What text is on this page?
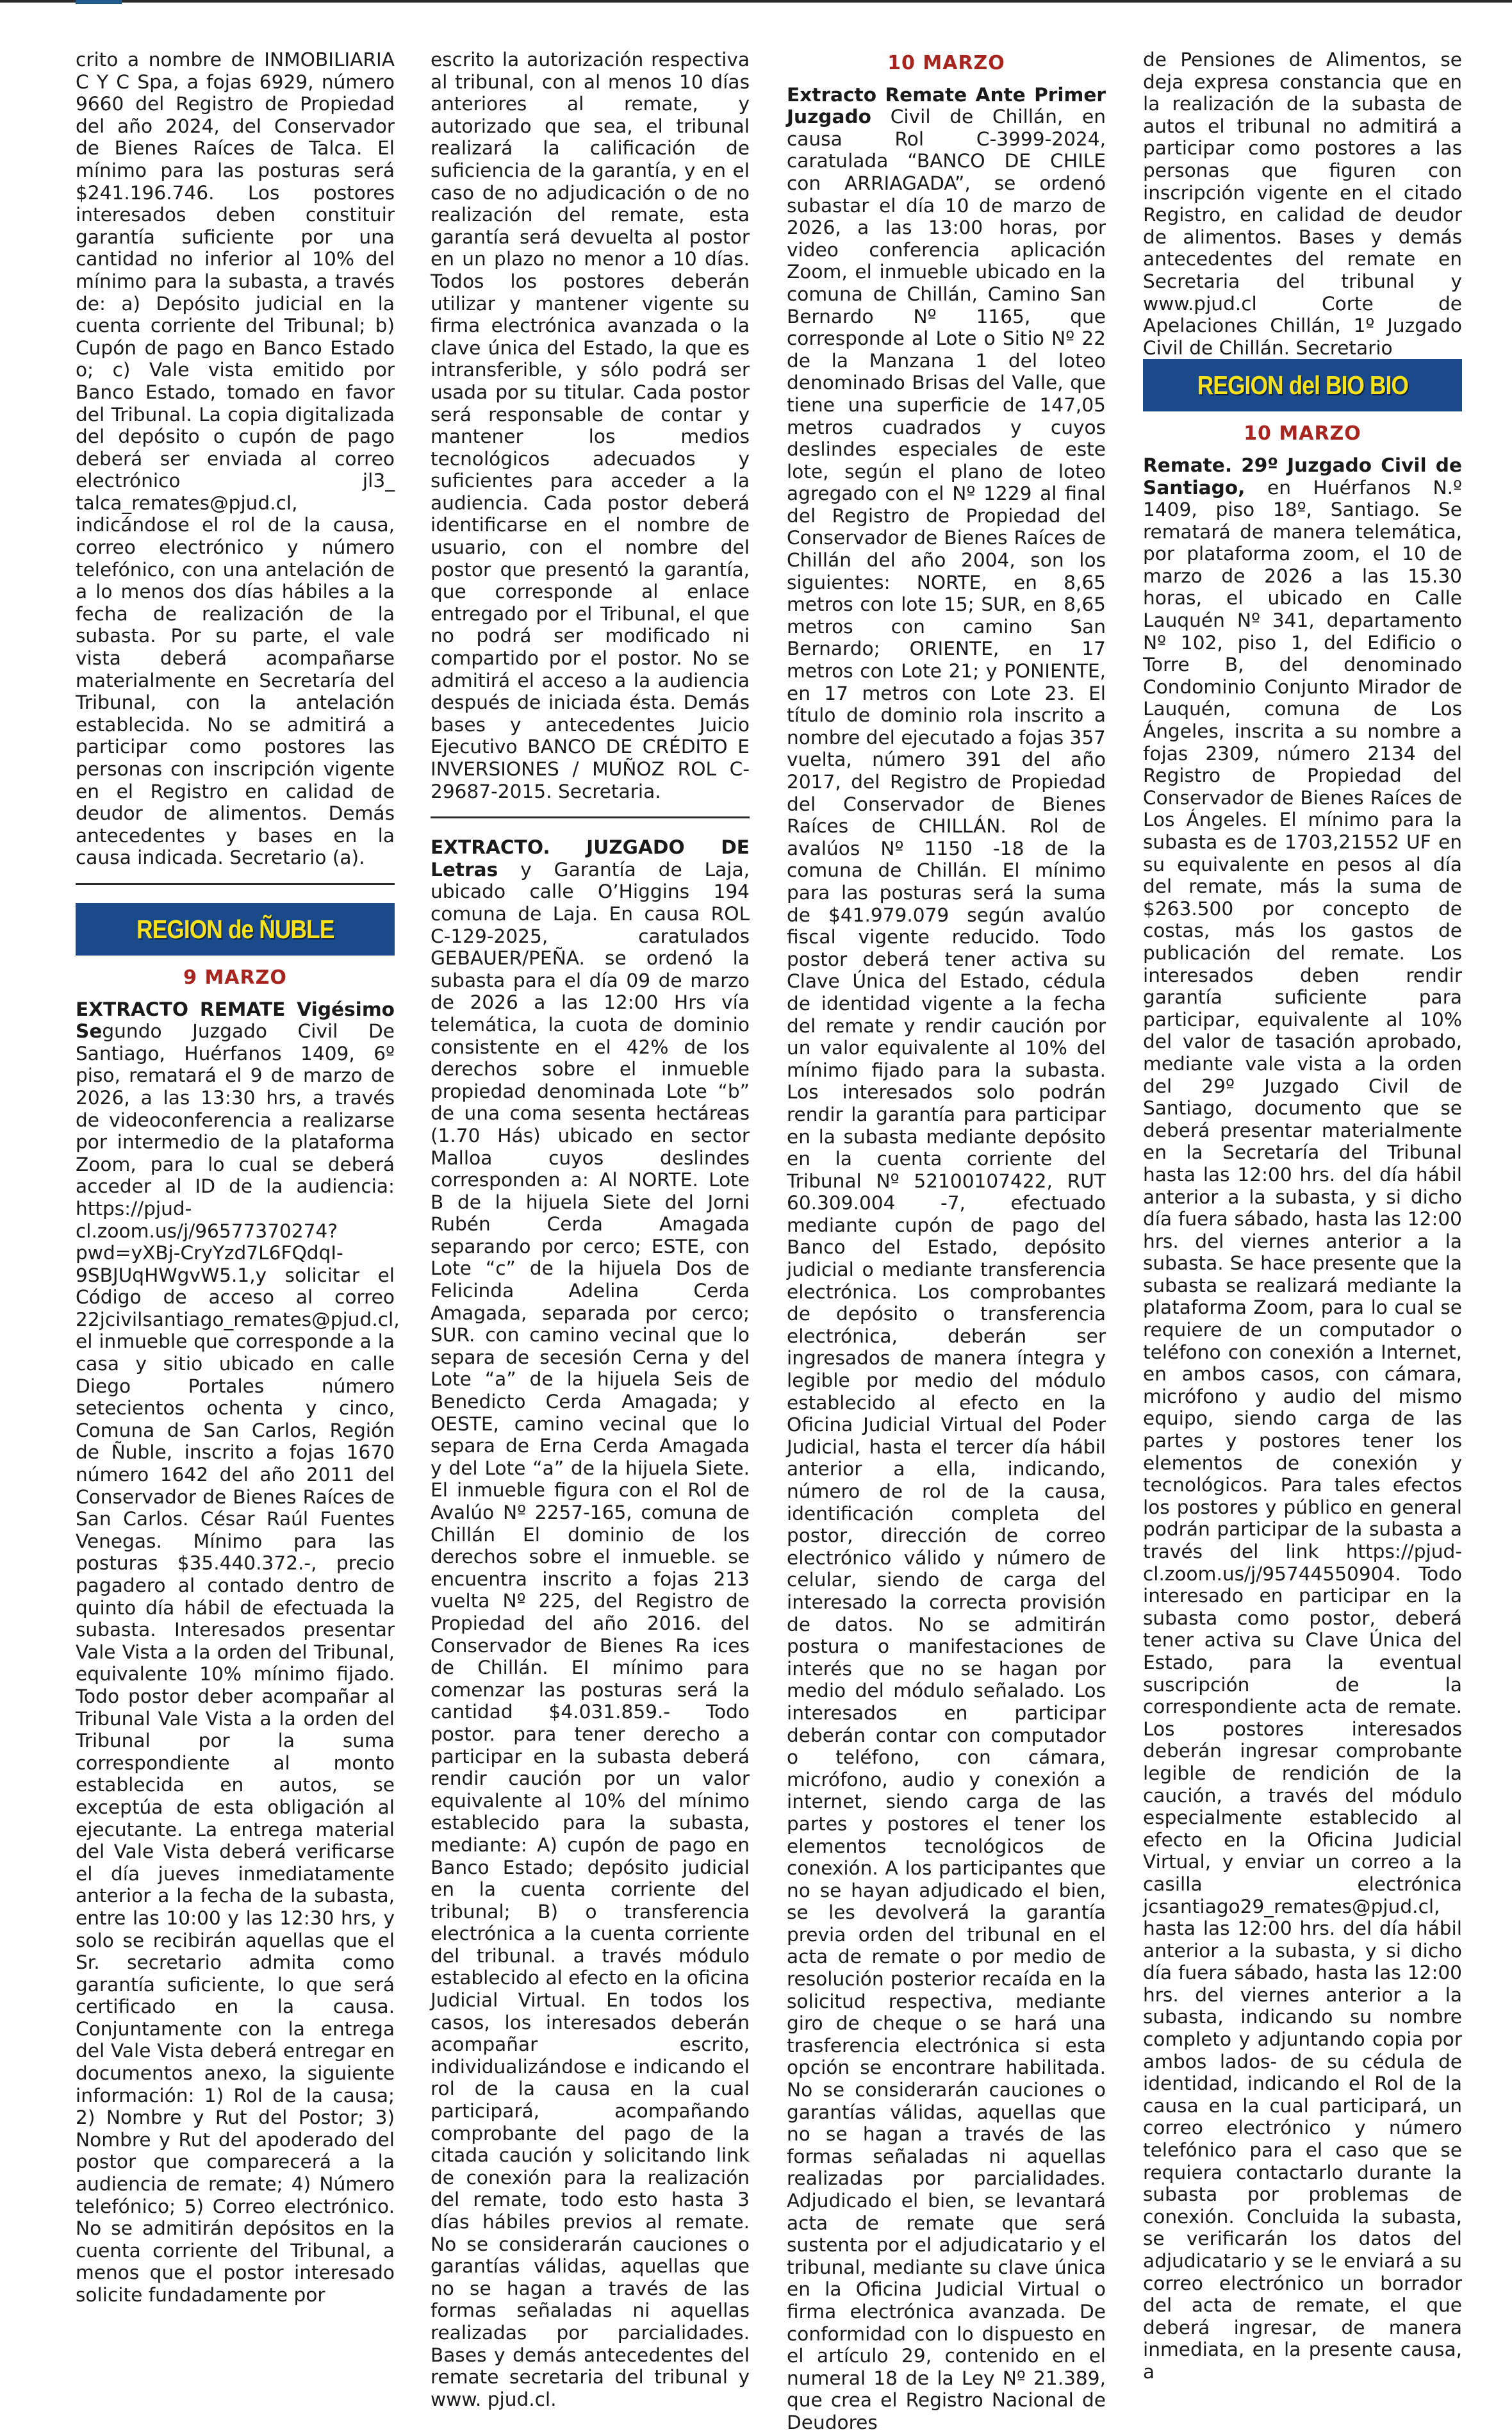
crito a nombre de INMOBILIARIA C Y C Spa, a fojas 6929, número 9660 del Registro de Propiedad del año 2024, del Conservador de Bienes Raíces de Talca. El mínimo para las posturas será $241.196.746. Los postores interesados deben constituir garantía suficiente por una cantidad no inferior al 10% del mínimo para la subasta, a través de: a) Depósito judicial en la cuenta corriente del Tribunal; b) Cupón de pago en Banco Estado o; c) Vale vista emitido por Banco Estado, tomado en favor del Tribunal. La copia digitalizada del depósito o cupón de pago deberá ser enviada al correo electrónico jl3_ talca_remates@pjud.cl, indicándose el rol de la causa, correo electrónico y número telefónico, con una antelación de a lo menos dos días hábiles a la fecha de realización de la subasta. Por su parte, el vale vista deberá acompañarse materialmente en Secretaría del Tribunal, con la antelación establecida. No se admitirá a participar como postores las personas con inscripción vigente en el Registro en calidad de deudor de alimentos. Demás antecedentes y bases en la causa indicada. Secretario (a).

REGION de ÑUBLE
9 MARZO

EXTRACTO REMATE Vigésimo Segundo Juzgado Civil De Santiago, Huérfanos 1409, 6º piso, rematará el 9 de marzo de 2026, a las 13:30 hrs, a través de videoconferencia a realizarse por intermedio de la plataforma Zoom, para lo cual se deberá acceder al ID de la audiencia: https://pjud-cl.zoom.us/j/96577370274?pwd=yXBj-CryYzd7L6FQdqI-9SBJUqHWgvW5.1,y solicitar el Código de acceso al correo 22jcivilsantiago_remates@pjud.cl, el inmueble que corresponde a la casa y sitio ubicado en calle Diego Portales número setecientos ochenta y cinco, Comuna de San Carlos, Región de Ñuble, inscrito a fojas 1670 número 1642 del año 2011 del Conservador de Bienes Raíces de San Carlos. César Raúl Fuentes Venegas. Mínimo para las posturas $35.440.372.-, precio pagadero al contado dentro de quinto día hábil de efectuada la subasta. Interesados presentar Vale Vista a la orden del Tribunal, equivalente 10% mínimo fijado. Todo postor deber acompañar al Tribunal Vale Vista a la orden del Tribunal por la suma correspondiente al monto establecida en autos, se exceptúa de esta obligación al ejecutante. La entrega material del Vale Vista deberá verificarse el día jueves inmediatamente anterior a la fecha de la subasta, entre las 10:00 y las 12:30 hrs, y solo se recibirán aquellas que el Sr. secretario admita como garantía suficiente, lo que será certificado en la causa. Conjuntamente con la entrega del Vale Vista deberá entregar en documentos anexo, la siguiente información: 1) Rol de la causa; 2) Nombre y Rut del Postor; 3) Nombre y Rut del apoderado del postor que comparecerá a la audiencia de remate; 4) Número telefónico; 5) Correo electrónico. No se admitirán depósitos en la cuenta corriente del Tribunal, a menos que el postor interesado solicite fundadamente por

escrito la autorización respectiva al tribunal, con al menos 10 días anteriores al remate, y autorizado que sea, el tribunal realizará la calificación de suficiencia de la garantía, y en el caso de no adjudicación o de no realización del remate, esta garantía será devuelta al postor en un plazo no menor a 10 días. Todos los postores deberán utilizar y mantener vigente su firma electrónica avanzada o la clave única del Estado, la que es intransferible, y sólo podrá ser usada por su titular. Cada postor será responsable de contar y mantener los medios tecnológicos adecuados y suficientes para acceder a la audiencia. Cada postor deberá identificarse en el nombre de usuario, con el nombre del postor que presentó la garantía, que corresponde al enlace entregado por el Tribunal, el que no podrá ser modificado ni compartido por el postor. No se admitirá el acceso a la audiencia después de iniciada ésta. Demás bases y antecedentes Juicio Ejecutivo BANCO DE CRÉDITO E INVERSIONES / MUÑOZ ROL C-29687-2015. Secretaria.

EXTRACTO. JUZGADO DE Letras y Garantía de Laja, ubicado calle O’Higgins 194 comuna de Laja. En causa ROL C-129-2025, caratulados GEBAUER/PEÑA. se ordenó la subasta para el día 09 de marzo de 2026 a las 12:00 Hrs vía telemática, la cuota de dominio consistente en el 42% de los derechos sobre el inmueble propiedad denominada Lote “b” de una coma sesenta hectáreas (1.70 Hás) ubicado en sector Malloa cuyos deslindes corresponden a: Al NORTE. Lote B de la hijuela Siete del Jorni Rubén Cerda Amagada separando por cerco; ESTE, con Lote “c” de la hijuela Dos de Felicinda Adelina Cerda Amagada, separada por cerco; SUR. con camino vecinal que lo separa de secesión Cerna y del Lote “a” de la hijuela Seis de Benedicto Cerda Amagada; y OESTE, camino vecinal que lo separa de Erna Cerda Amagada y del Lote “a” de la hijuela Siete. El inmueble figura con el Rol de Avalúo Nº 2257-165, comuna de Chillán El dominio de los derechos sobre el inmueble. se encuentra inscrito a fojas 213 vuelta Nº 225, del Registro de Propiedad del año 2016. del Conservador de Bienes Ra ices de Chillán. EI mínimo para comenzar las posturas será la cantidad $4.031.859.- Todo postor. para tener derecho a participar en la subasta deberá rendir caución por un valor equivalente al 10% del mínimo establecido para la subasta, mediante: A) cupón de pago en Banco Estado; depósito judicial en la cuenta corriente del tribunal; B) o transferencia electrónica a la cuenta corriente del tribunal. a través módulo establecido al efecto en la oficina Judicial Virtual. En todos los casos, los interesados deberán acompañar escrito, individualizándose e indicando el rol de la causa en la cual participará, acompañando comprobante del pago de la citada caución y solicitando link de conexión para la realización del remate, todo esto hasta 3 días hábiles previos al remate. No se considerarán cauciones o garantías válidas, aquellas que no se hagan a través de las formas señaladas ni aquellas realizadas por parcialidades. Bases y demás antecedentes del remate secretaria del tribunal y www. pjud.cl.

10 MARZO

Extracto Remate Ante Primer Juzgado Civil de Chillán, en causa Rol C-3999-2024, caratulada “BANCO DE CHILE con ARRIAGADA”, se ordenó subastar el día 10 de marzo de 2026, a las 13:00 horas, por video conferencia aplicación Zoom, el inmueble ubicado en la comuna de Chillán, Camino San Bernardo Nº 1165, que corresponde al Lote o Sitio Nº 22 de la Manzana 1 del loteo denominado Brisas del Valle, que tiene una superficie de 147,05 metros cuadrados y cuyos deslindes especiales de este lote, según el plano de loteo agregado con el Nº 1229 al final del Registro de Propiedad del Conservador de Bienes Raíces de Chillán del año 2004, son los siguientes: NORTE, en 8,65 metros con lote 15; SUR, en 8,65 metros con camino San Bernardo; ORIENTE, en 17 metros con Lote 21; y PONIENTE, en 17 metros con Lote 23. El título de dominio rola inscrito a nombre del ejecutado a fojas 357 vuelta, número 391 del año 2017, del Registro de Propiedad del Conservador de Bienes Raíces de CHILLÁN. Rol de avalúos Nº 1150 -18 de la comuna de Chillán. El mínimo para las posturas será la suma de $41.979.079 según avalúo fiscal vigente reducido. Todo postor deberá tener activa su Clave Única del Estado, cédula de identidad vigente a la fecha del remate y rendir caución por un valor equivalente al 10% del mínimo fijado para la subasta. Los interesados solo podrán rendir la garantía para participar en la subasta mediante depósito en la cuenta corriente del Tribunal Nº 52100107422, RUT 60.309.004 -7, efectuado mediante cupón de pago del Banco del Estado, depósito judicial o mediante transferencia electrónica. Los comprobantes de depósito o transferencia electrónica, deberán ser ingresados de manera íntegra y legible por medio del módulo establecido al efecto en la Oficina Judicial Virtual del Poder Judicial, hasta el tercer día hábil anterior a ella, indicando, número de rol de la causa, identificación completa del postor, dirección de correo electrónico válido y número de celular, siendo de carga del interesado la correcta provisión de datos. No se admitirán postura o manifestaciones de interés que no se hagan por medio del módulo señalado. Los interesados en participar deberán contar con computador o teléfono, con cámara, micrófono, audio y conexión a internet, siendo carga de las partes y postores el tener los elementos tecnológicos de conexión. A los participantes que no se hayan adjudicado el bien, se les devolverá la garantía previa orden del tribunal en el acta de remate o por medio de resolución posterior recaída en la solicitud respectiva, mediante giro de cheque o se hará una trasferencia electrónica si esta opción se encontrare habilitada. No se considerarán cauciones o garantías válidas, aquellas que no se hagan a través de las formas señaladas ni aquellas realizadas por parcialidades. Adjudicado el bien, se levantará acta de remate que será sustenta por el adjudicatario y el tribunal, mediante su clave única en la Oficina Judicial Virtual o firma electrónica avanzada. De conformidad con lo dispuesto en el artículo 29, contenido en el numeral 18 de la Ley Nº 21.389, que crea el Registro Nacional de Deudores

de Pensiones de Alimentos, se deja expresa constancia que en la realización de la subasta de autos el tribunal no admitirá a participar como postores a las personas que figuren con inscripción vigente en el citado Registro, en calidad de deudor de alimentos. Bases y demás antecedentes del remate en Secretaria del tribunal y www.pjud.cl Corte de Apelaciones Chillán, 1º Juzgado Civil de Chillán. Secretario

REGION del BIO BIO
10 MARZO

Remate. 29º Juzgado Civil de Santiago, en Huérfanos N.º 1409, piso 18º, Santiago. Se rematará de manera telemática, por plataforma zoom, el 10 de marzo de 2026 a las 15.30 horas, el ubicado en Calle Lauquén Nº 341, departamento Nº 102, piso 1, del Edificio o Torre B, del denominado Condominio Conjunto Mirador de Lauquén, comuna de Los Ángeles, inscrita a su nombre a fojas 2309, número 2134 del Registro de Propiedad del Conservador de Bienes Raíces de Los Ángeles. El mínimo para la subasta es de 1703,21552 UF en su equivalente en pesos al día del remate, más la suma de $263.500 por concepto de costas, más los gastos de publicación del remate. Los interesados deben rendir garantía suficiente para participar, equivalente al 10% del valor de tasación aprobado, mediante vale vista a la orden del 29º Juzgado Civil de Santiago, documento que se deberá presentar materialmente en la Secretaría del Tribunal hasta las 12:00 hrs. del día hábil anterior a la subasta, y si dicho día fuera sábado, hasta las 12:00 hrs. del viernes anterior a la subasta. Se hace presente que la subasta se realizará mediante la plataforma Zoom, para lo cual se requiere de un computador o teléfono con conexión a Internet, en ambos casos, con cámara, micrófono y audio del mismo equipo, siendo carga de las partes y postores tener los elementos de conexión y tecnológicos. Para tales efectos los postores y público en general podrán participar de la subasta a través del link https://pjud-cl.zoom.us/j/95744550904. Todo interesado en participar en la subasta como postor, deberá tener activa su Clave Única del Estado, para la eventual suscripción de la correspondiente acta de remate. Los postores interesados deberán ingresar comprobante legible de rendición de la caución, a través del módulo especialmente establecido al efecto en la Oficina Judicial Virtual, y enviar un correo a la casilla electrónica jcsantiago29_remates@pjud.cl, hasta las 12:00 hrs. del día hábil anterior a la subasta, y si dicho día fuera sábado, hasta las 12:00 hrs. del viernes anterior a la subasta, indicando su nombre completo y adjuntando copia por ambos lados- de su cédula de identidad, indicando el Rol de la causa en la cual participará, un correo electrónico y número telefónico para el caso que se requiera contactarlo durante la subasta por problemas de conexión. Concluida la subasta, se verificarán los datos del adjudicatario y se le enviará a su correo electrónico un borrador del acta de remate, el que deberá ingresar, de manera inmediata, en la presente causa, a
